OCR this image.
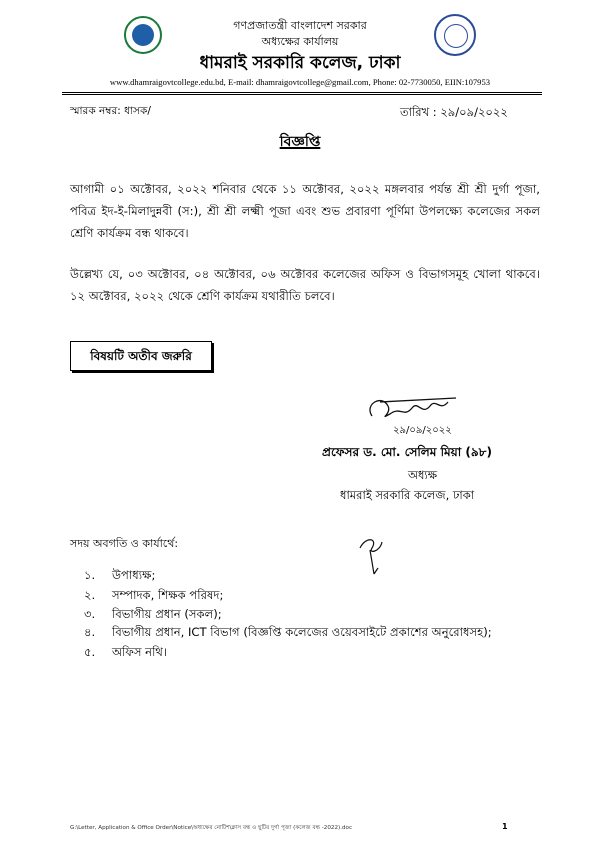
গণপ্রজাতন্ত্রী বাংলাদেশ সরকার
অধ্যক্ষের কার্যালয়
ধামরাই সরকারি কলেজ, ঢাকা
www.dhamraigovtcollege.edu.bd, E-mail: dhamraigovtcollege@gmail.com, Phone: 02-7730050, EIIN:107953
স্মারক নম্বর: ধাসক/	তারিখ : ২৯/০৯/২০২২
বিজ্ঞপ্তি
আগামী ০১ অক্টোবর, ২০২২ শনিবার থেকে ১১ অক্টোবর, ২০২২ মঙ্গলবার পর্যন্ত শ্রী শ্রী দুর্গা পূজা, পবিত্র ইদ-ই-মিলাদুন্নবী (স:), শ্রী শ্রী লক্ষ্মী পূজা এবং শুভ প্রবারণা পূর্ণিমা উপলক্ষ্যে কলেজের সকল শ্রেণি কার্যক্রম বন্ধ থাকবে।
উল্লেখ্য যে, ০৩ অক্টোবর, ০৪ অক্টোবর, ০৬ অক্টোবর কলেজের অফিস ও বিভাগসমূহ খোলা থাকবে। ১২ অক্টোবর, ২০২২ থেকে শ্রেণি কার্যক্রম যথারীতি চলবে।
বিষয়টি অতীব জরুরি
২৯/০৯/২০২২
প্রফেসর ড. মো. সেলিম মিয়া (৯৮)
অধ্যক্ষ
ধামরাই সরকারি কলেজ, ঢাকা
সদয় অবগতি ও কার্যার্থে:
১. উপাধ্যক্ষ;
২. সম্পাদক, শিক্ষক পরিষদ;
৩. বিভাগীয় প্রধান (সকল);
৪. বিভাগীয় প্রধান, ICT বিভাগ (বিজ্ঞপ্তি কলেজের ওয়েবসাইটে প্রকাশের অনুরোধসহ);
৫. অফিস নথি।
G:\Letter, Application & Office Order\Notice\অধ্যক্ষের নোটিশ\ক্লাস বন্ধ ও ছুটির দুর্গা পূজা (কলেজ বন্ধ -2022).doc	1
